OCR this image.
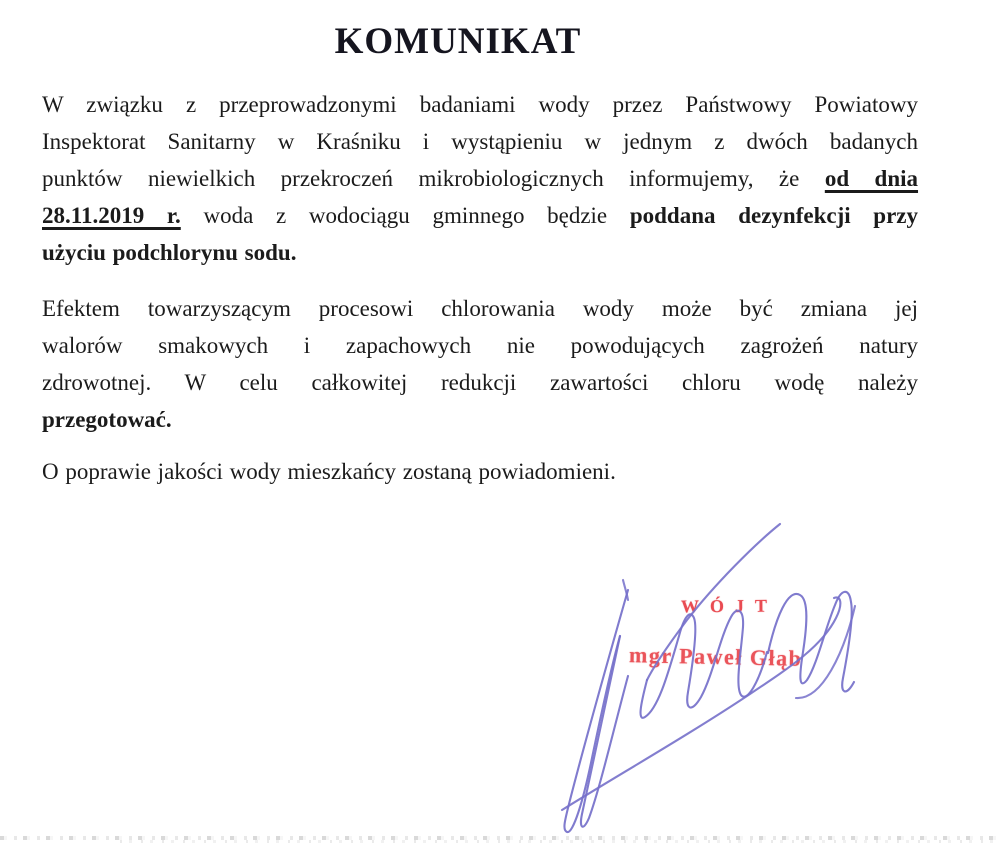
KOMUNIKAT
W związku z przeprowadzonymi badaniami wody przez Państwowy Powiatowy
Inspektorat Sanitarny w Kraśniku i wystąpieniu w jednym z dwóch badanych
punktów niewielkich przekroczeń mikrobiologicznych informujemy, że od dnia
28.11.2019 r. woda z wodociągu gminnego będzie poddana dezynfekcji przy
użyciu podchlorynu sodu.
Efektem towarzyszącym procesowi chlorowania wody może być zmiana jej
walorów smakowych i zapachowych nie powodujących zagrożeń natury
zdrowotnej. W celu całkowitej redukcji zawartości chloru wodę należy
przegotować.
O poprawie jakości wody mieszkańcy zostaną powiadomieni.
WÓJT
mgr Paweł Głąb
